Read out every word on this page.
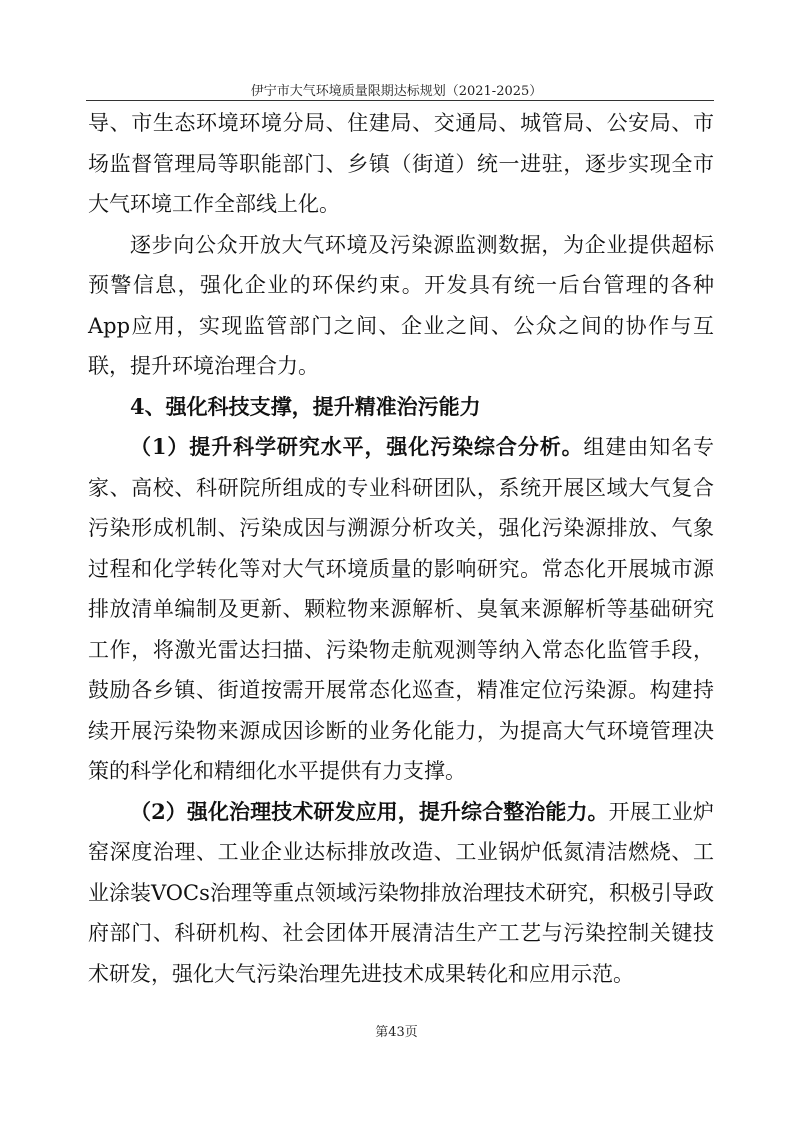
伊宁市大气环境质量限期达标规划（2021-2025）

导、市生态环境环境分局、住建局、交通局、城管局、公安局、市场监督管理局等职能部门、乡镇（街道）统一进驻，逐步实现全市大气环境工作全部线上化。

逐步向公众开放大气环境及污染源监测数据，为企业提供超标预警信息，强化企业的环保约束。开发具有统一后台管理的各种App应用，实现监管部门之间、企业之间、公众之间的协作与互联，提升环境治理合力。

4、强化科技支撑，提升精准治污能力

（1）提升科学研究水平，强化污染综合分析。组建由知名专家、高校、科研院所组成的专业科研团队，系统开展区域大气复合污染形成机制、污染成因与溯源分析攻关，强化污染源排放、气象过程和化学转化等对大气环境质量的影响研究。常态化开展城市源排放清单编制及更新、颗粒物来源解析、臭氧来源解析等基础研究工作，将激光雷达扫描、污染物走航观测等纳入常态化监管手段，鼓励各乡镇、街道按需开展常态化巡查，精准定位污染源。构建持续开展污染物来源成因诊断的业务化能力，为提高大气环境管理决策的科学化和精细化水平提供有力支撑。

（2）强化治理技术研发应用，提升综合整治能力。开展工业炉窑深度治理、工业企业达标排放改造、工业锅炉低氮清洁燃烧、工业涂装VOCs治理等重点领域污染物排放治理技术研究，积极引导政府部门、科研机构、社会团体开展清洁生产工艺与污染控制关键技术研发，强化大气污染治理先进技术成果转化和应用示范。

第43页
